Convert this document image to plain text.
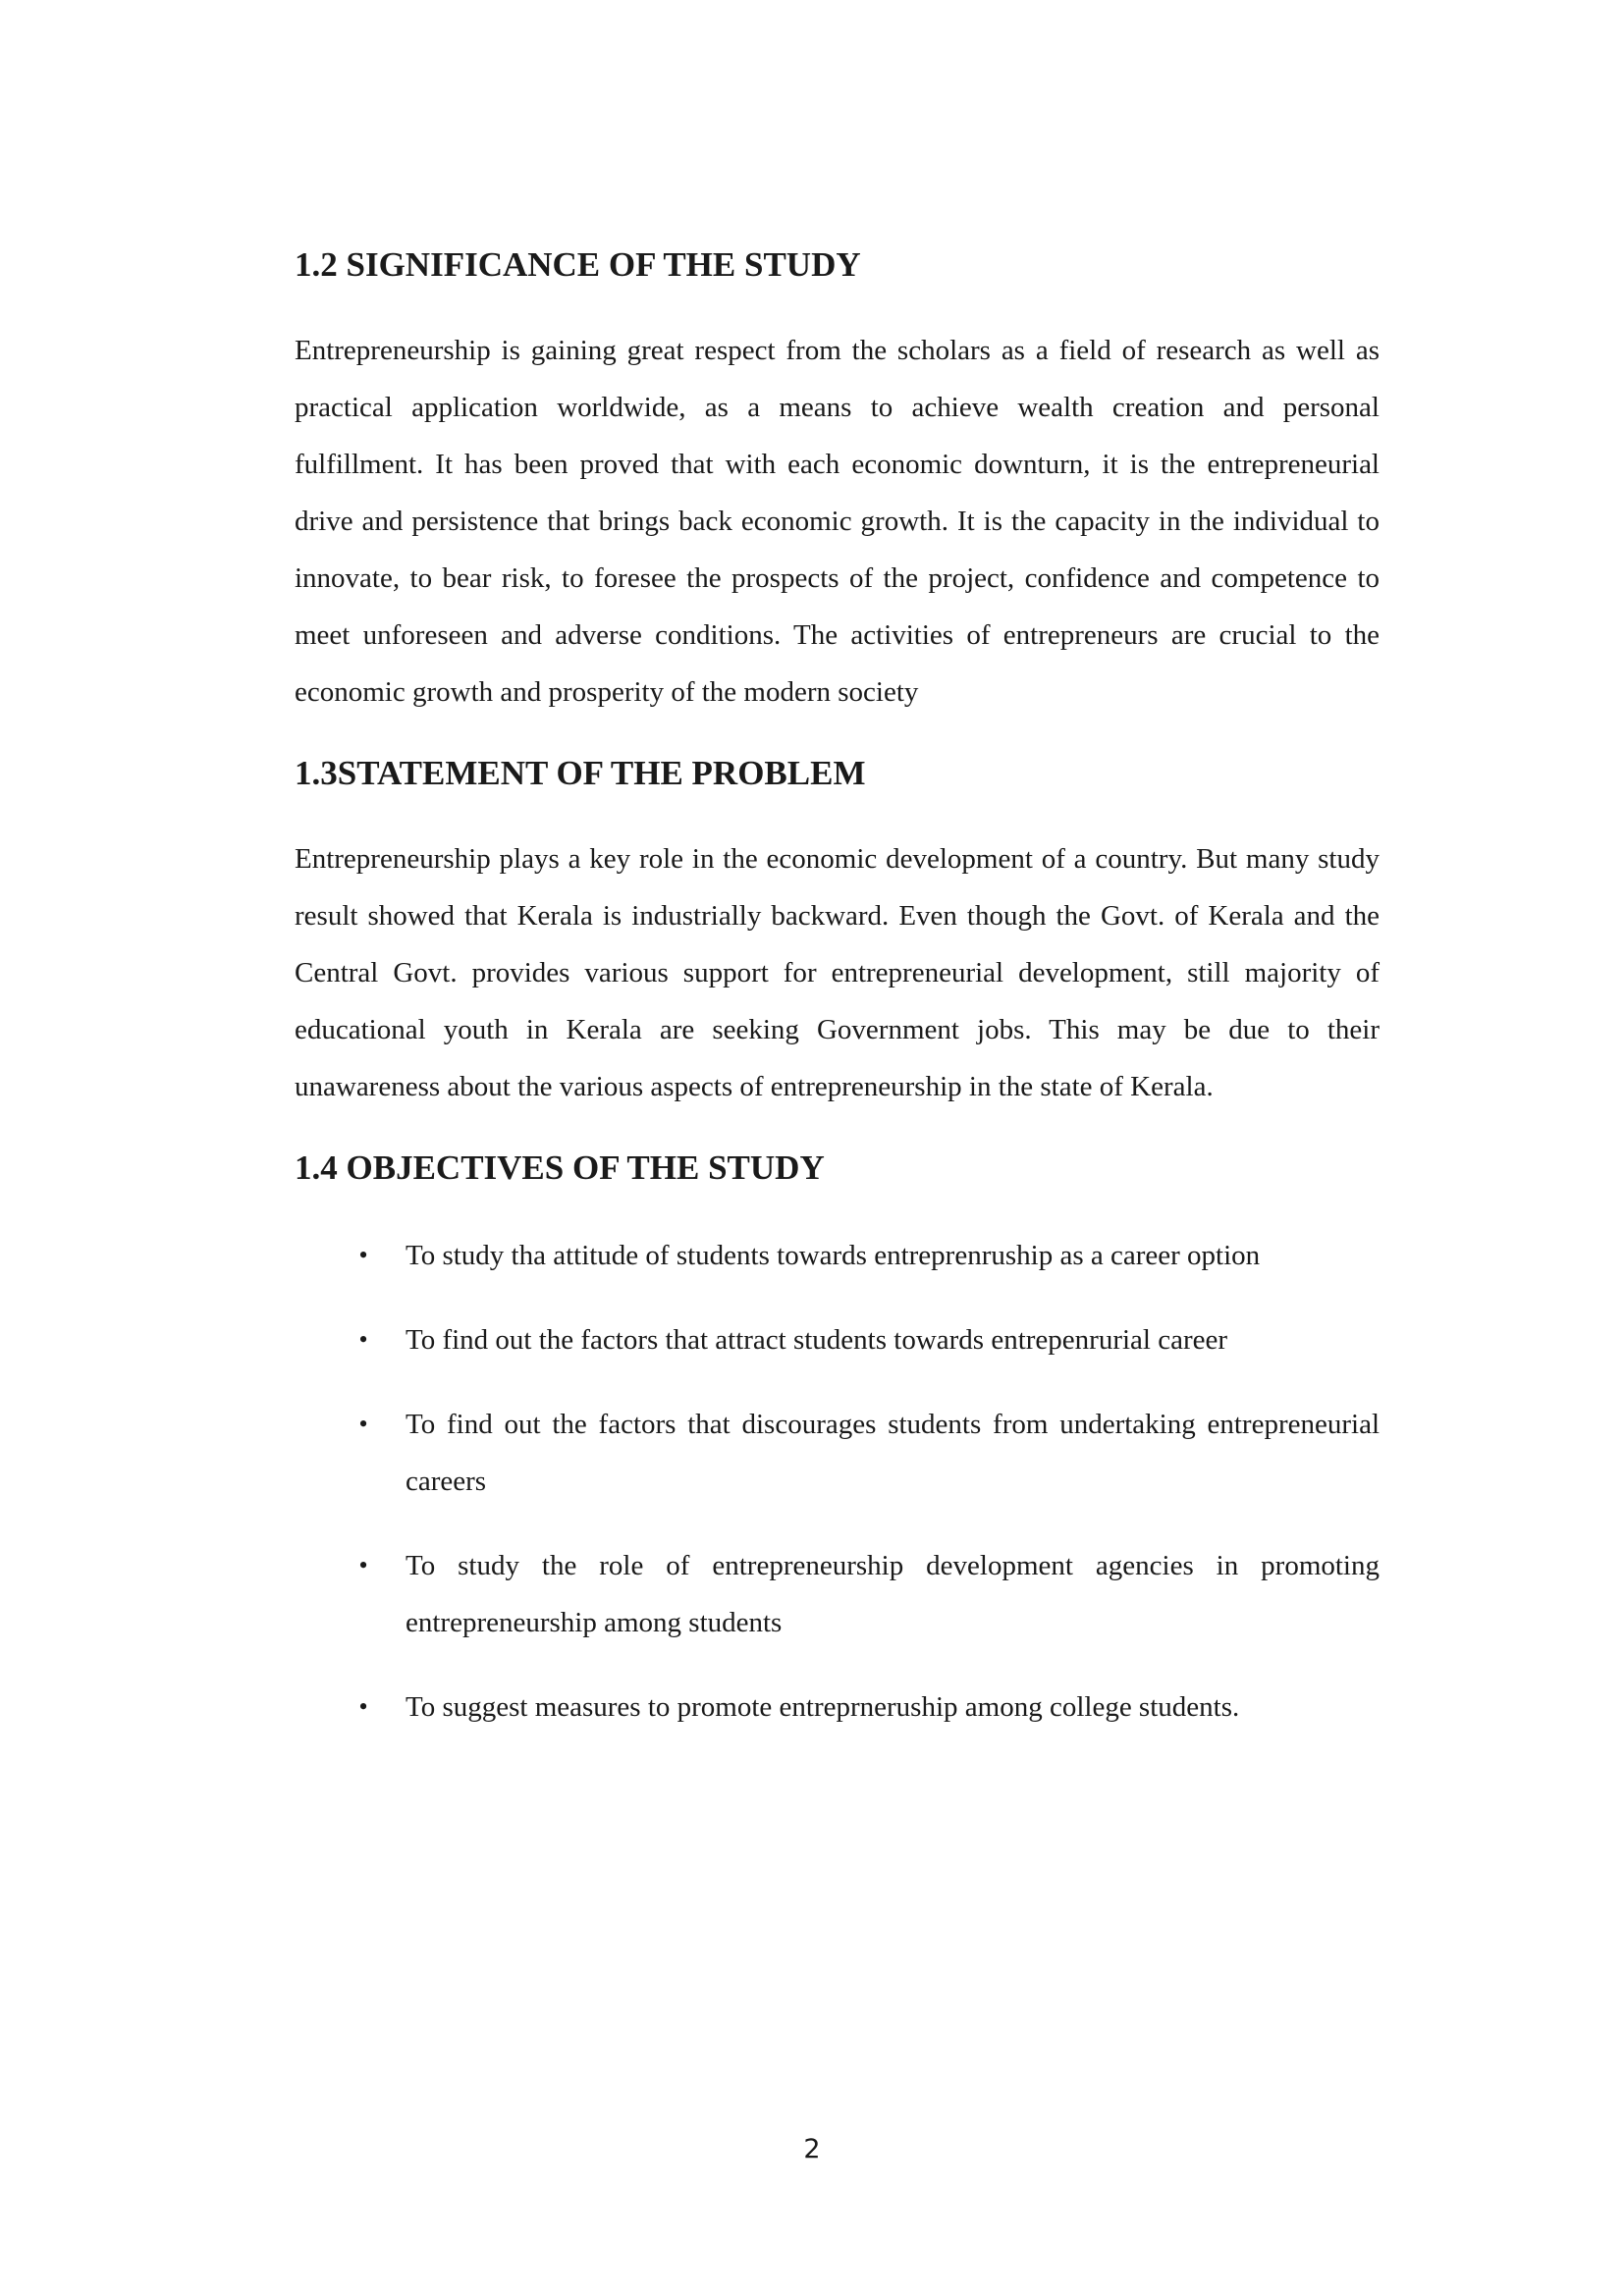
1.2 SIGNIFICANCE OF THE STUDY

Entrepreneurship is gaining great respect from the scholars as a field of research as well as practical application worldwide, as a means to achieve wealth creation and personal fulfillment. It has been proved that with each economic downturn, it is the entrepreneurial drive and persistence that brings back economic growth. It is the capacity in the individual to innovate, to bear risk, to foresee the prospects of the project, confidence and competence to meet unforeseen and adverse conditions. The activities of entrepreneurs are crucial to the economic growth and prosperity of the modern society

1.3STATEMENT OF THE PROBLEM

Entrepreneurship plays a key role in the economic development of a country. But many study result showed that Kerala is industrially backward. Even though the Govt. of Kerala and the Central Govt. provides various support for entrepreneurial development, still majority of educational youth in Kerala are seeking Government jobs. This may be due to their unawareness about the various aspects of entrepreneurship in the state of Kerala.

1.4 OBJECTIVES OF THE STUDY
• To study tha attitude of students towards entreprenruship as a career option
• To find out the factors that attract students towards entrepenrurial career
• To find out the factors that discourages students from undertaking entrepreneurial careers
• To study the role of entrepreneurship development agencies in promoting entrepreneurship among students
• To suggest measures to promote entreprneruship among college students.
2
